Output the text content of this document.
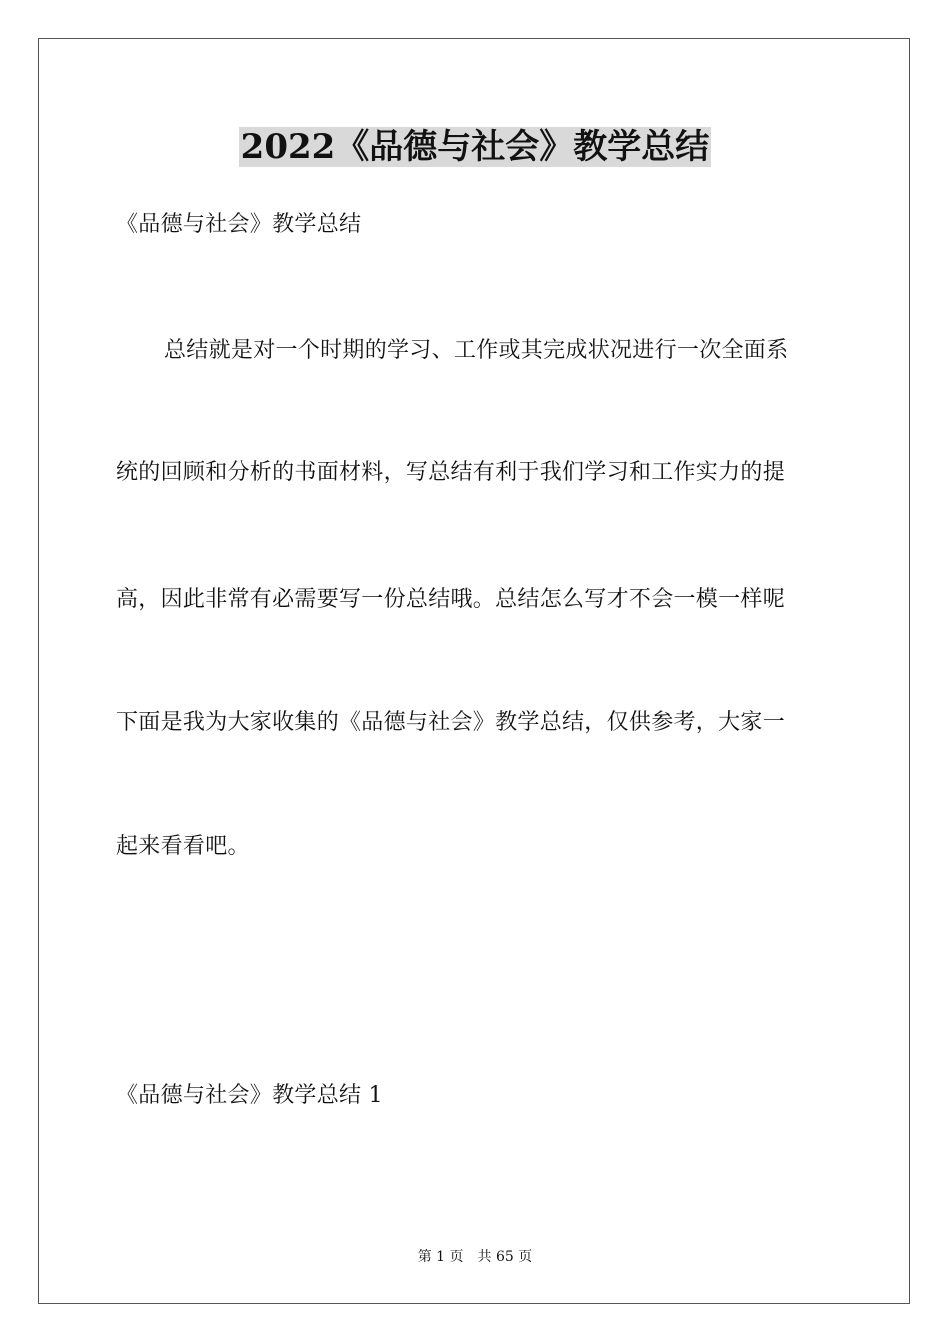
2022《品德与社会》教学总结
《品德与社会》教学总结
总结就是对一个时期的学习、工作或其完成状况进行一次全面系
统的回顾和分析的书面材料，写总结有利于我们学习和工作实力的提
高，因此非常有必需要写一份总结哦。总结怎么写才不会一模一样呢
下面是我为大家收集的《品德与社会》教学总结，仅供参考，大家一
起来看看吧。
《品德与社会》教学总结 1
第 1 页　共 65 页
